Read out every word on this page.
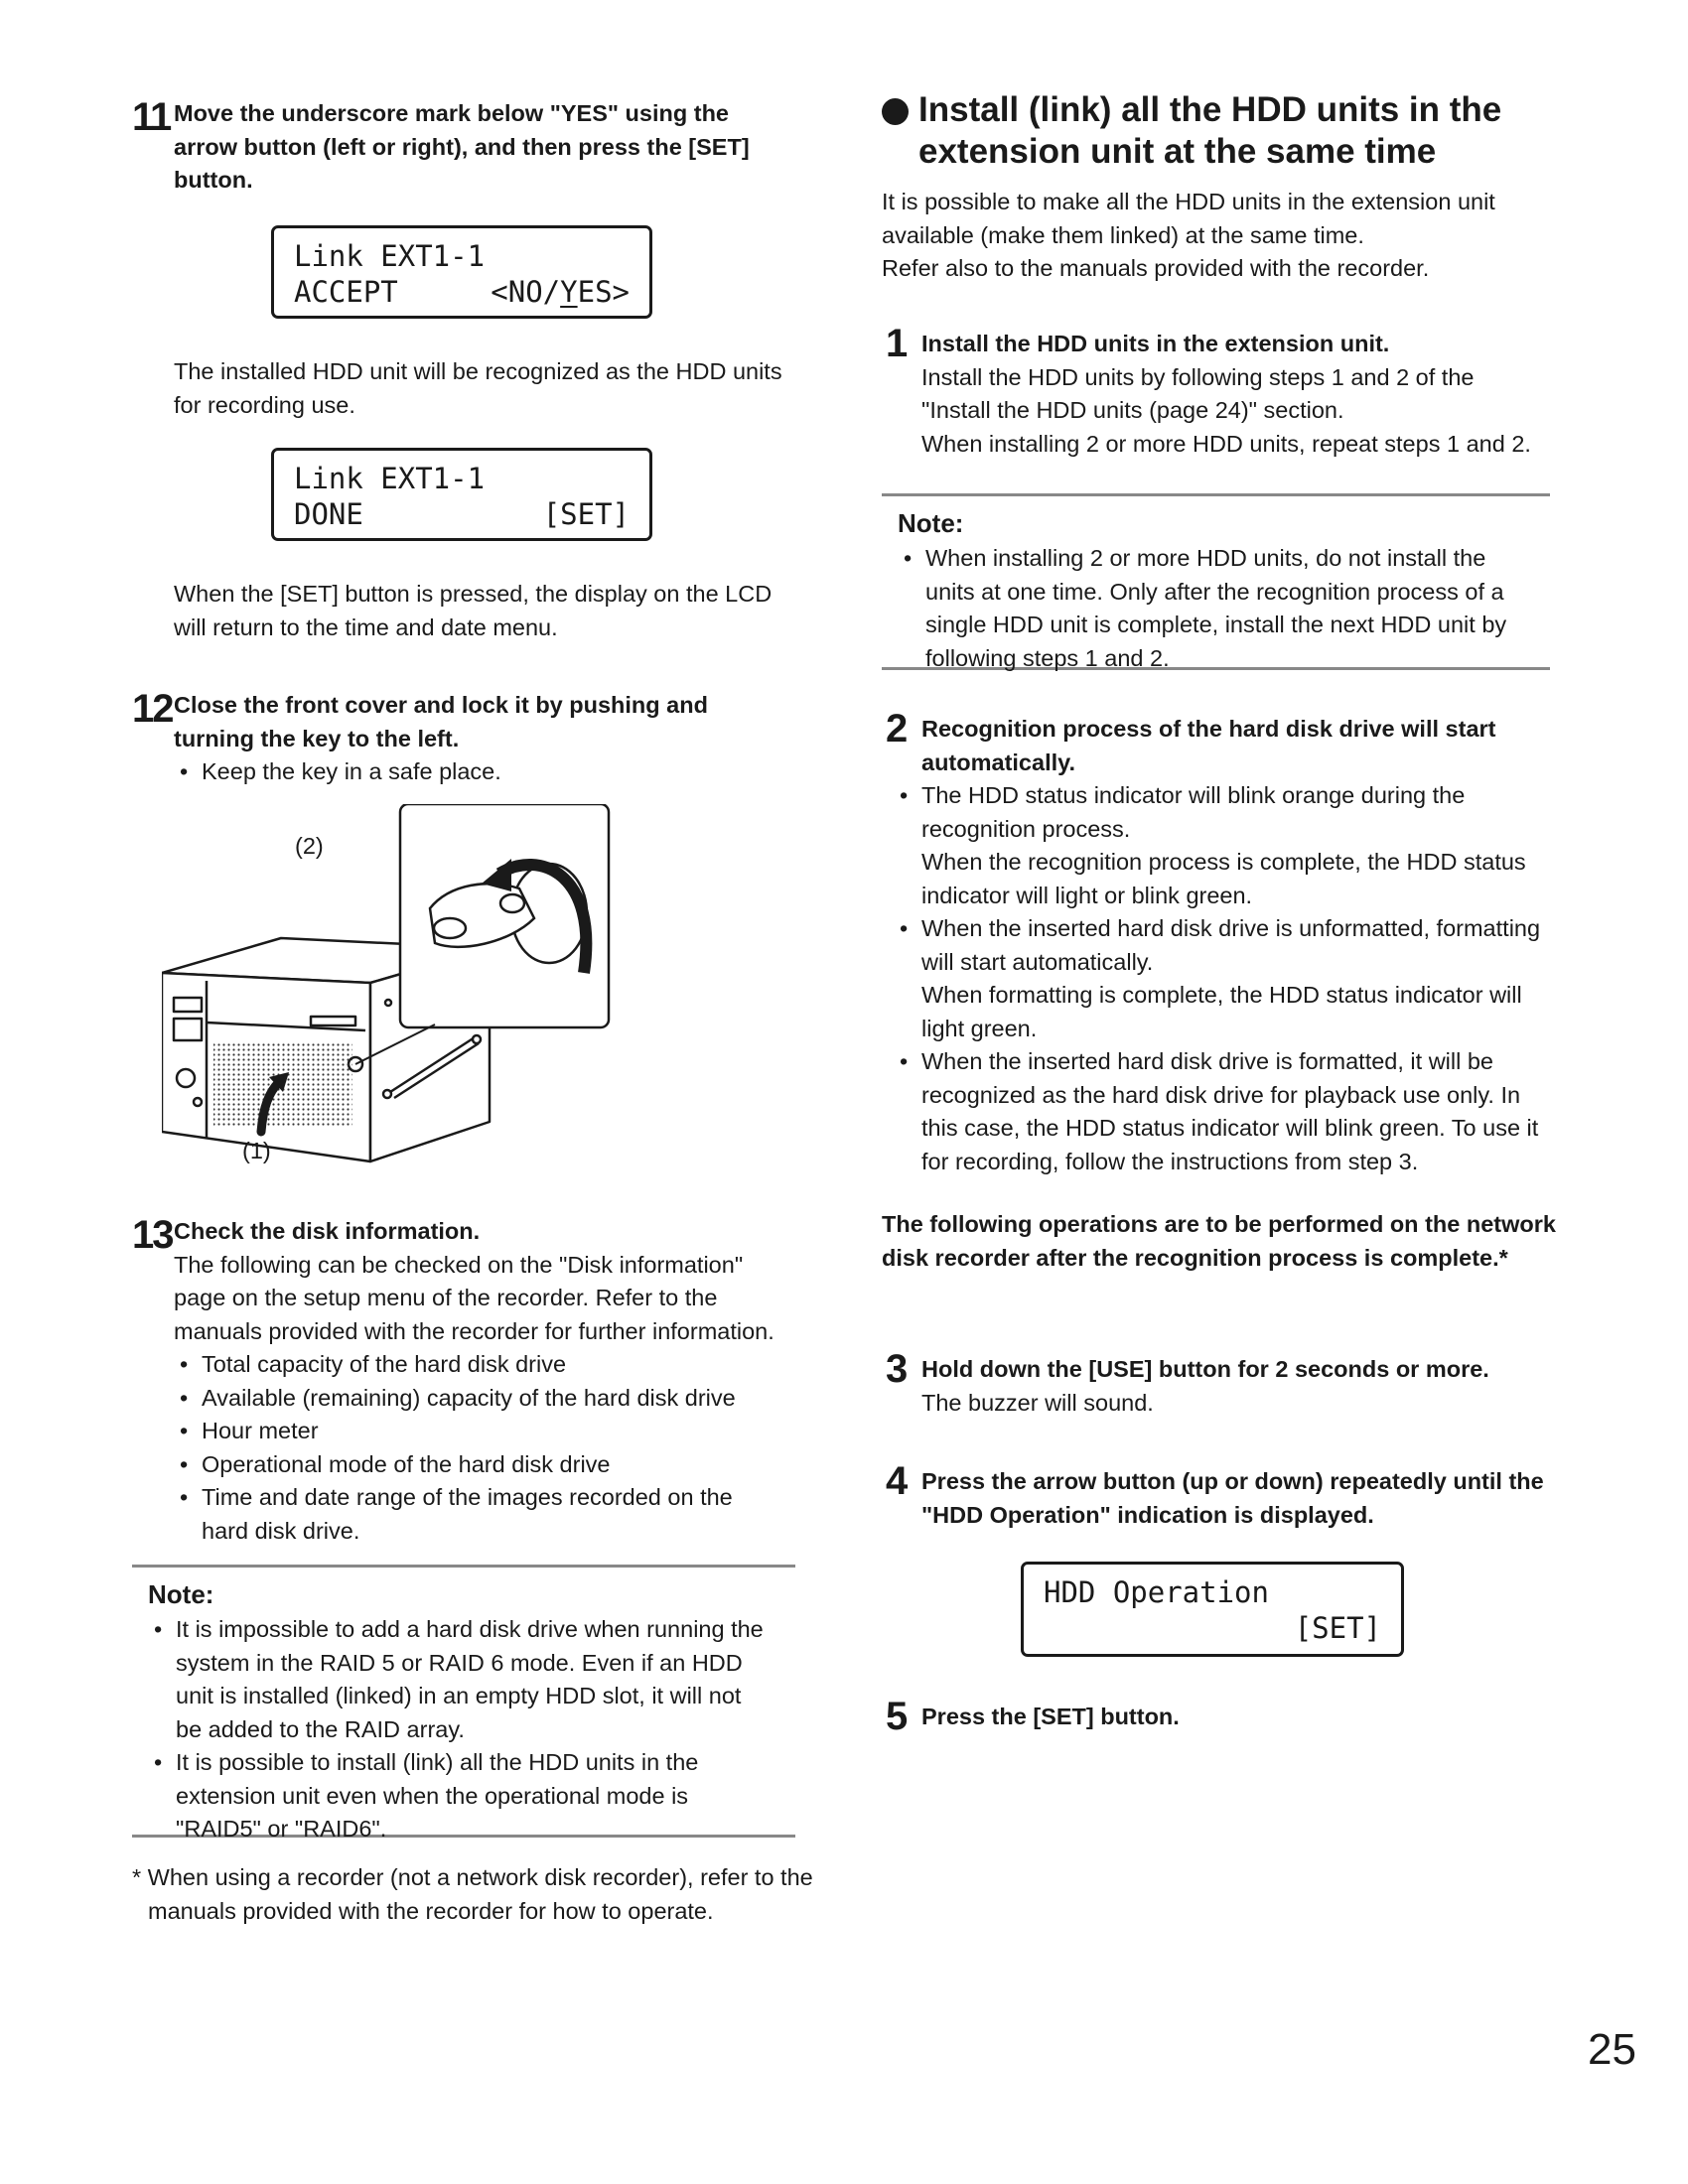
11 Move the underscore mark below "YES" using the arrow button (left or right), and then press the [SET] button.
Link EXT1-1
ACCEPT	<NO/YES>
The installed HDD unit will be recognized as the HDD units for recording use.
Link EXT1-1
DONE	[SET]
When the [SET] button is pressed, the display on the LCD will return to the time and date menu.
12 Close the front cover and lock it by pushing and turning the key to the left.
• Keep the key in a safe place.
(2)
(1)
13 Check the disk information.
The following can be checked on the "Disk information" page on the setup menu of the recorder. Refer to the manuals provided with the recorder for further information.
• Total capacity of the hard disk drive
• Available (remaining) capacity of the hard disk drive
• Hour meter
• Operational mode of the hard disk drive
• Time and date range of the images recorded on the hard disk drive.
Note:
• It is impossible to add a hard disk drive when running the system in the RAID 5 or RAID 6 mode. Even if an HDD unit is installed (linked) in an empty HDD slot, it will not be added to the RAID array.
• It is possible to install (link) all the HDD units in the extension unit even when the operational mode is "RAID5" or "RAID6".
* When using a recorder (not a network disk recorder), refer to the manuals provided with the recorder for how to operate.
Install (link) all the HDD units in the extension unit at the same time
It is possible to make all the HDD units in the extension unit available (make them linked) at the same time.
Refer also to the manuals provided with the recorder.
1 Install the HDD units in the extension unit.
Install the HDD units by following steps 1 and 2 of the "Install the HDD units (page 24)" section.
When installing 2 or more HDD units, repeat steps 1 and 2.
Note:
• When installing 2 or more HDD units, do not install the units at one time. Only after the recognition process of a single HDD unit is complete, install the next HDD unit by following steps 1 and 2.
2 Recognition process of the hard disk drive will start automatically.
• The HDD status indicator will blink orange during the recognition process.
When the recognition process is complete, the HDD status indicator will light or blink green.
• When the inserted hard disk drive is unformatted, formatting will start automatically.
When formatting is complete, the HDD status indicator will light green.
• When the inserted hard disk drive is formatted, it will be recognized as the hard disk drive for playback use only. In this case, the HDD status indicator will blink green. To use it for recording, follow the instructions from step 3.
The following operations are to be performed on the network disk recorder after the recognition process is complete.*
3 Hold down the [USE] button for 2 seconds or more.
The buzzer will sound.
4 Press the arrow button (up or down) repeatedly until the "HDD Operation" indication is displayed.
HDD Operation
[SET]
5 Press the [SET] button.
25
